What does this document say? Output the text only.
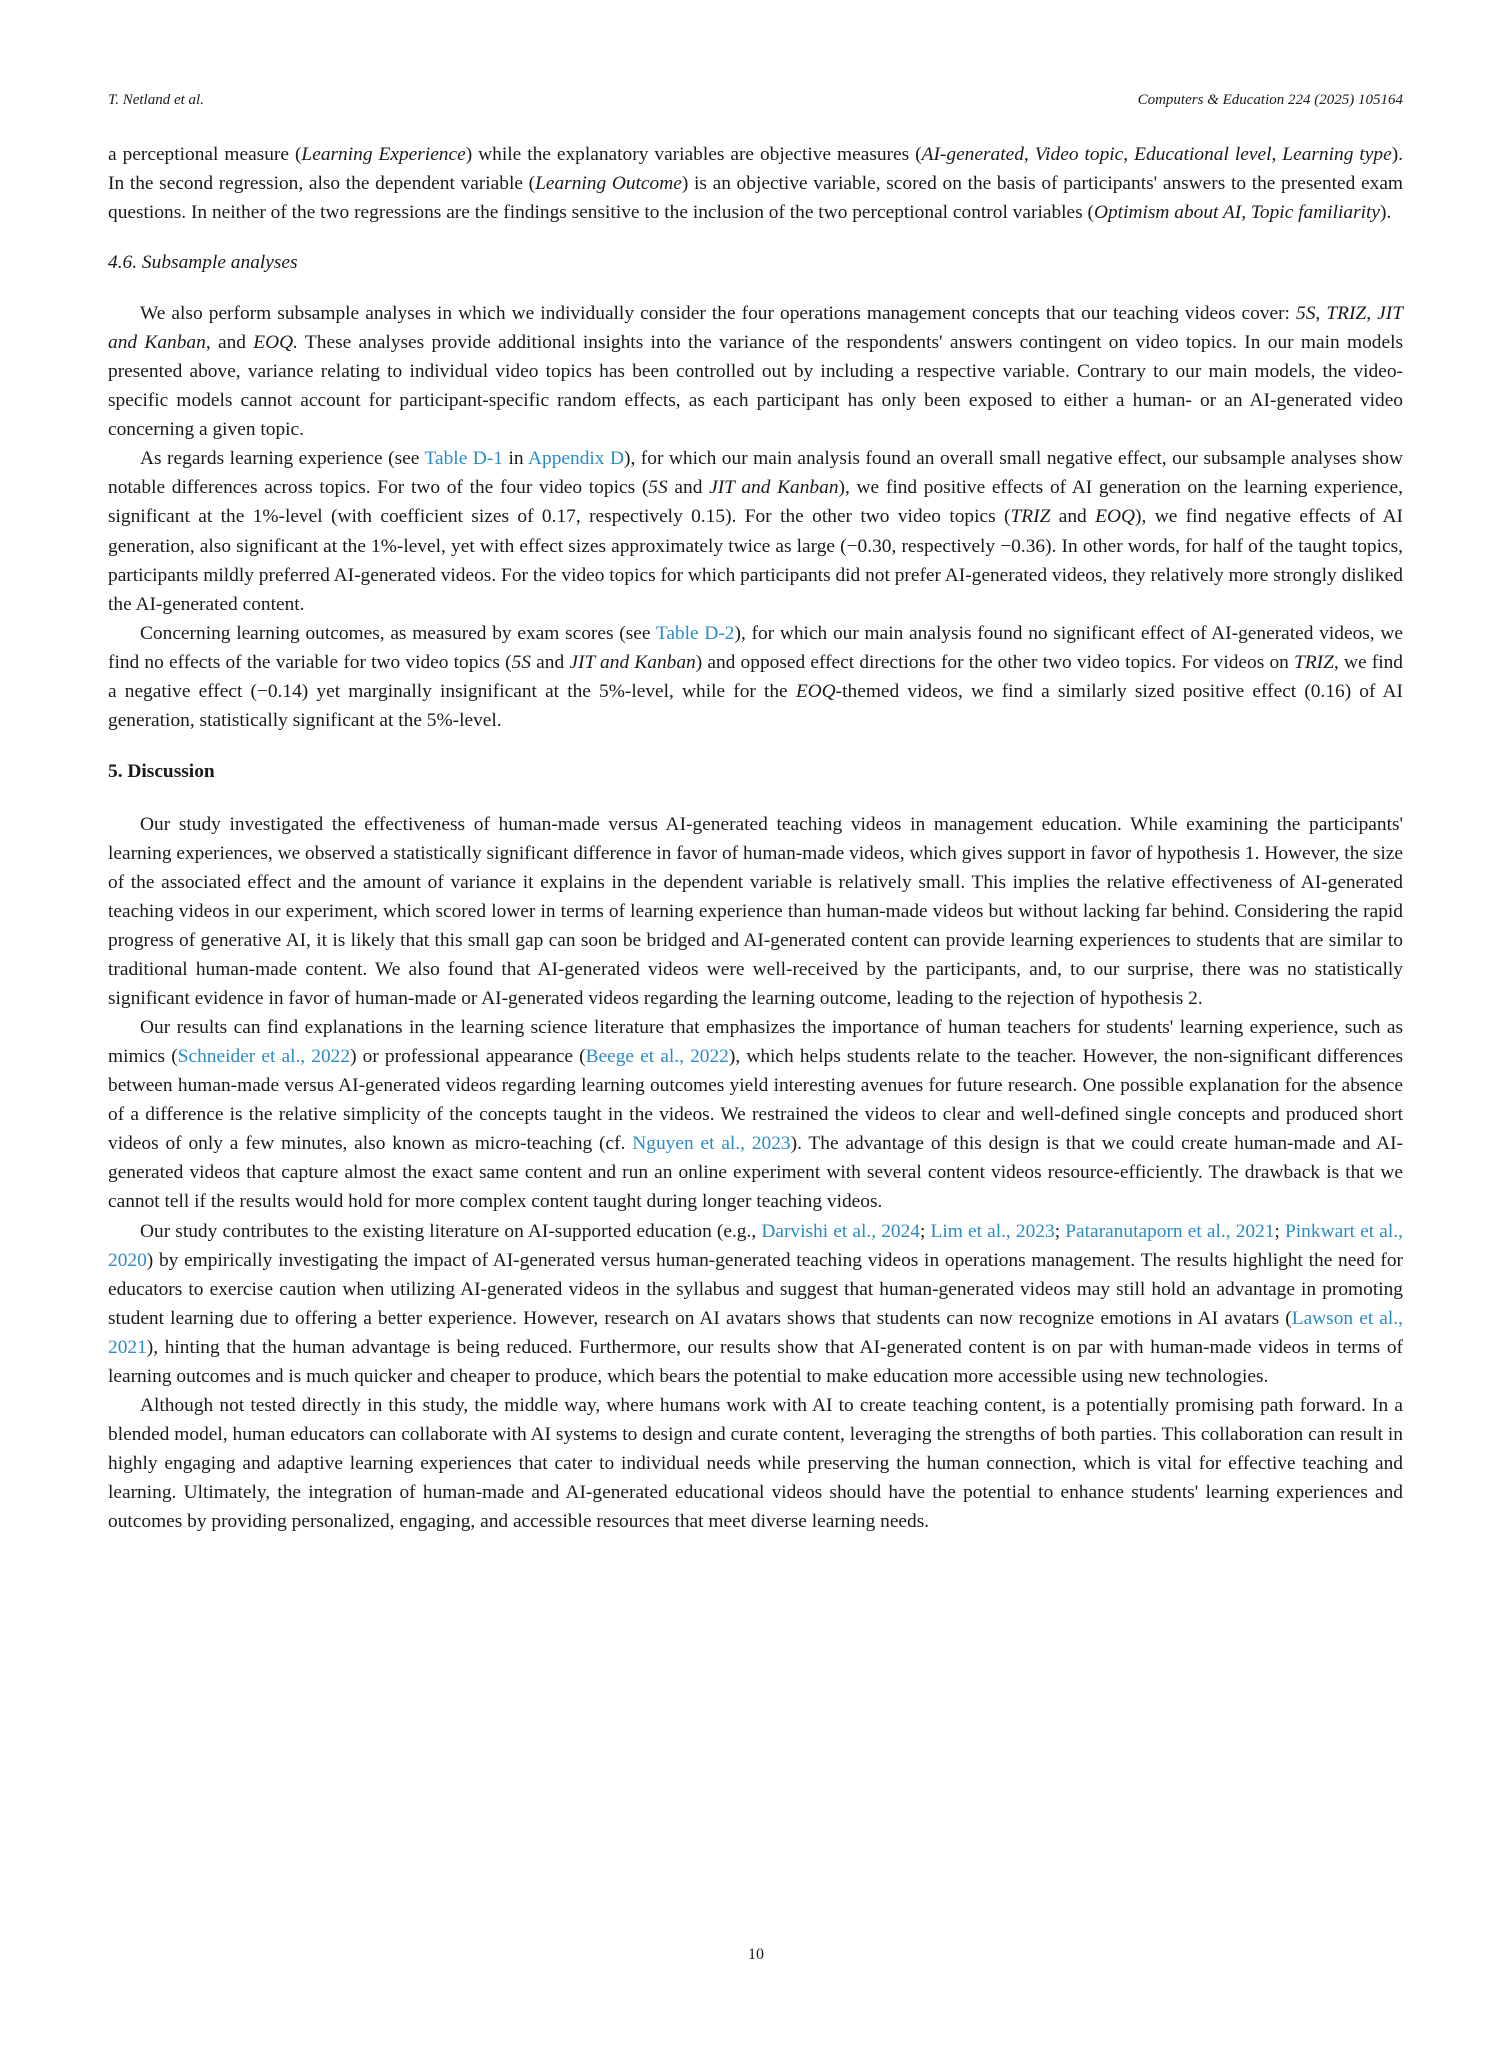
T. Netland et al.	Computers & Education 224 (2025) 105164

a perceptional measure (Learning Experience) while the explanatory variables are objective measures (AI-generated, Video topic, Educational level, Learning type). In the second regression, also the dependent variable (Learning Outcome) is an objective variable, scored on the basis of participants' answers to the presented exam questions. In neither of the two regressions are the findings sensitive to the inclusion of the two perceptional control variables (Optimism about AI, Topic familiarity).

4.6. Subsample analyses

We also perform subsample analyses in which we individually consider the four operations management concepts that our teaching videos cover: 5S, TRIZ, JIT and Kanban, and EOQ. These analyses provide additional insights into the variance of the respondents' answers contingent on video topics. In our main models presented above, variance relating to individual video topics has been controlled out by including a respective variable. Contrary to our main models, the video-specific models cannot account for participant-specific random effects, as each participant has only been exposed to either a human- or an AI-generated video concerning a given topic.

As regards learning experience (see Table D-1 in Appendix D), for which our main analysis found an overall small negative effect, our subsample analyses show notable differences across topics. For two of the four video topics (5S and JIT and Kanban), we find positive effects of AI generation on the learning experience, significant at the 1%-level (with coefficient sizes of 0.17, respectively 0.15). For the other two video topics (TRIZ and EOQ), we find negative effects of AI generation, also significant at the 1%-level, yet with effect sizes approximately twice as large (−0.30, respectively −0.36). In other words, for half of the taught topics, participants mildly preferred AI-generated videos. For the video topics for which participants did not prefer AI-generated videos, they relatively more strongly disliked the AI-generated content.

Concerning learning outcomes, as measured by exam scores (see Table D-2), for which our main analysis found no significant effect of AI-generated videos, we find no effects of the variable for two video topics (5S and JIT and Kanban) and opposed effect directions for the other two video topics. For videos on TRIZ, we find a negative effect (−0.14) yet marginally insignificant at the 5%-level, while for the EOQ-themed videos, we find a similarly sized positive effect (0.16) of AI generation, statistically significant at the 5%-level.

5. Discussion

Our study investigated the effectiveness of human-made versus AI-generated teaching videos in management education. While examining the participants' learning experiences, we observed a statistically significant difference in favor of human-made videos, which gives support in favor of hypothesis 1. However, the size of the associated effect and the amount of variance it explains in the dependent variable is relatively small. This implies the relative effectiveness of AI-generated teaching videos in our experiment, which scored lower in terms of learning experience than human-made videos but without lacking far behind. Considering the rapid progress of generative AI, it is likely that this small gap can soon be bridged and AI-generated content can provide learning experiences to students that are similar to traditional human-made content. We also found that AI-generated videos were well-received by the participants, and, to our surprise, there was no statistically significant evidence in favor of human-made or AI-generated videos regarding the learning outcome, leading to the rejection of hypothesis 2.

Our results can find explanations in the learning science literature that emphasizes the importance of human teachers for students' learning experience, such as mimics (Schneider et al., 2022) or professional appearance (Beege et al., 2022), which helps students relate to the teacher. However, the non-significant differences between human-made versus AI-generated videos regarding learning outcomes yield interesting avenues for future research. One possible explanation for the absence of a difference is the relative simplicity of the concepts taught in the videos. We restrained the videos to clear and well-defined single concepts and produced short videos of only a few minutes, also known as micro-teaching (cf. Nguyen et al., 2023). The advantage of this design is that we could create human-made and AI-generated videos that capture almost the exact same content and run an online experiment with several content videos resource-efficiently. The drawback is that we cannot tell if the results would hold for more complex content taught during longer teaching videos.

Our study contributes to the existing literature on AI-supported education (e.g., Darvishi et al., 2024; Lim et al., 2023; Pataranutaporn et al., 2021; Pinkwart et al., 2020) by empirically investigating the impact of AI-generated versus human-generated teaching videos in operations management. The results highlight the need for educators to exercise caution when utilizing AI-generated videos in the syllabus and suggest that human-generated videos may still hold an advantage in promoting student learning due to offering a better experience. However, research on AI avatars shows that students can now recognize emotions in AI avatars (Lawson et al., 2021), hinting that the human advantage is being reduced. Furthermore, our results show that AI-generated content is on par with human-made videos in terms of learning outcomes and is much quicker and cheaper to produce, which bears the potential to make education more accessible using new technologies.

Although not tested directly in this study, the middle way, where humans work with AI to create teaching content, is a potentially promising path forward. In a blended model, human educators can collaborate with AI systems to design and curate content, leveraging the strengths of both parties. This collaboration can result in highly engaging and adaptive learning experiences that cater to individual needs while preserving the human connection, which is vital for effective teaching and learning. Ultimately, the integration of human-made and AI-generated educational videos should have the potential to enhance students' learning experiences and outcomes by providing personalized, engaging, and accessible resources that meet diverse learning needs.

10
